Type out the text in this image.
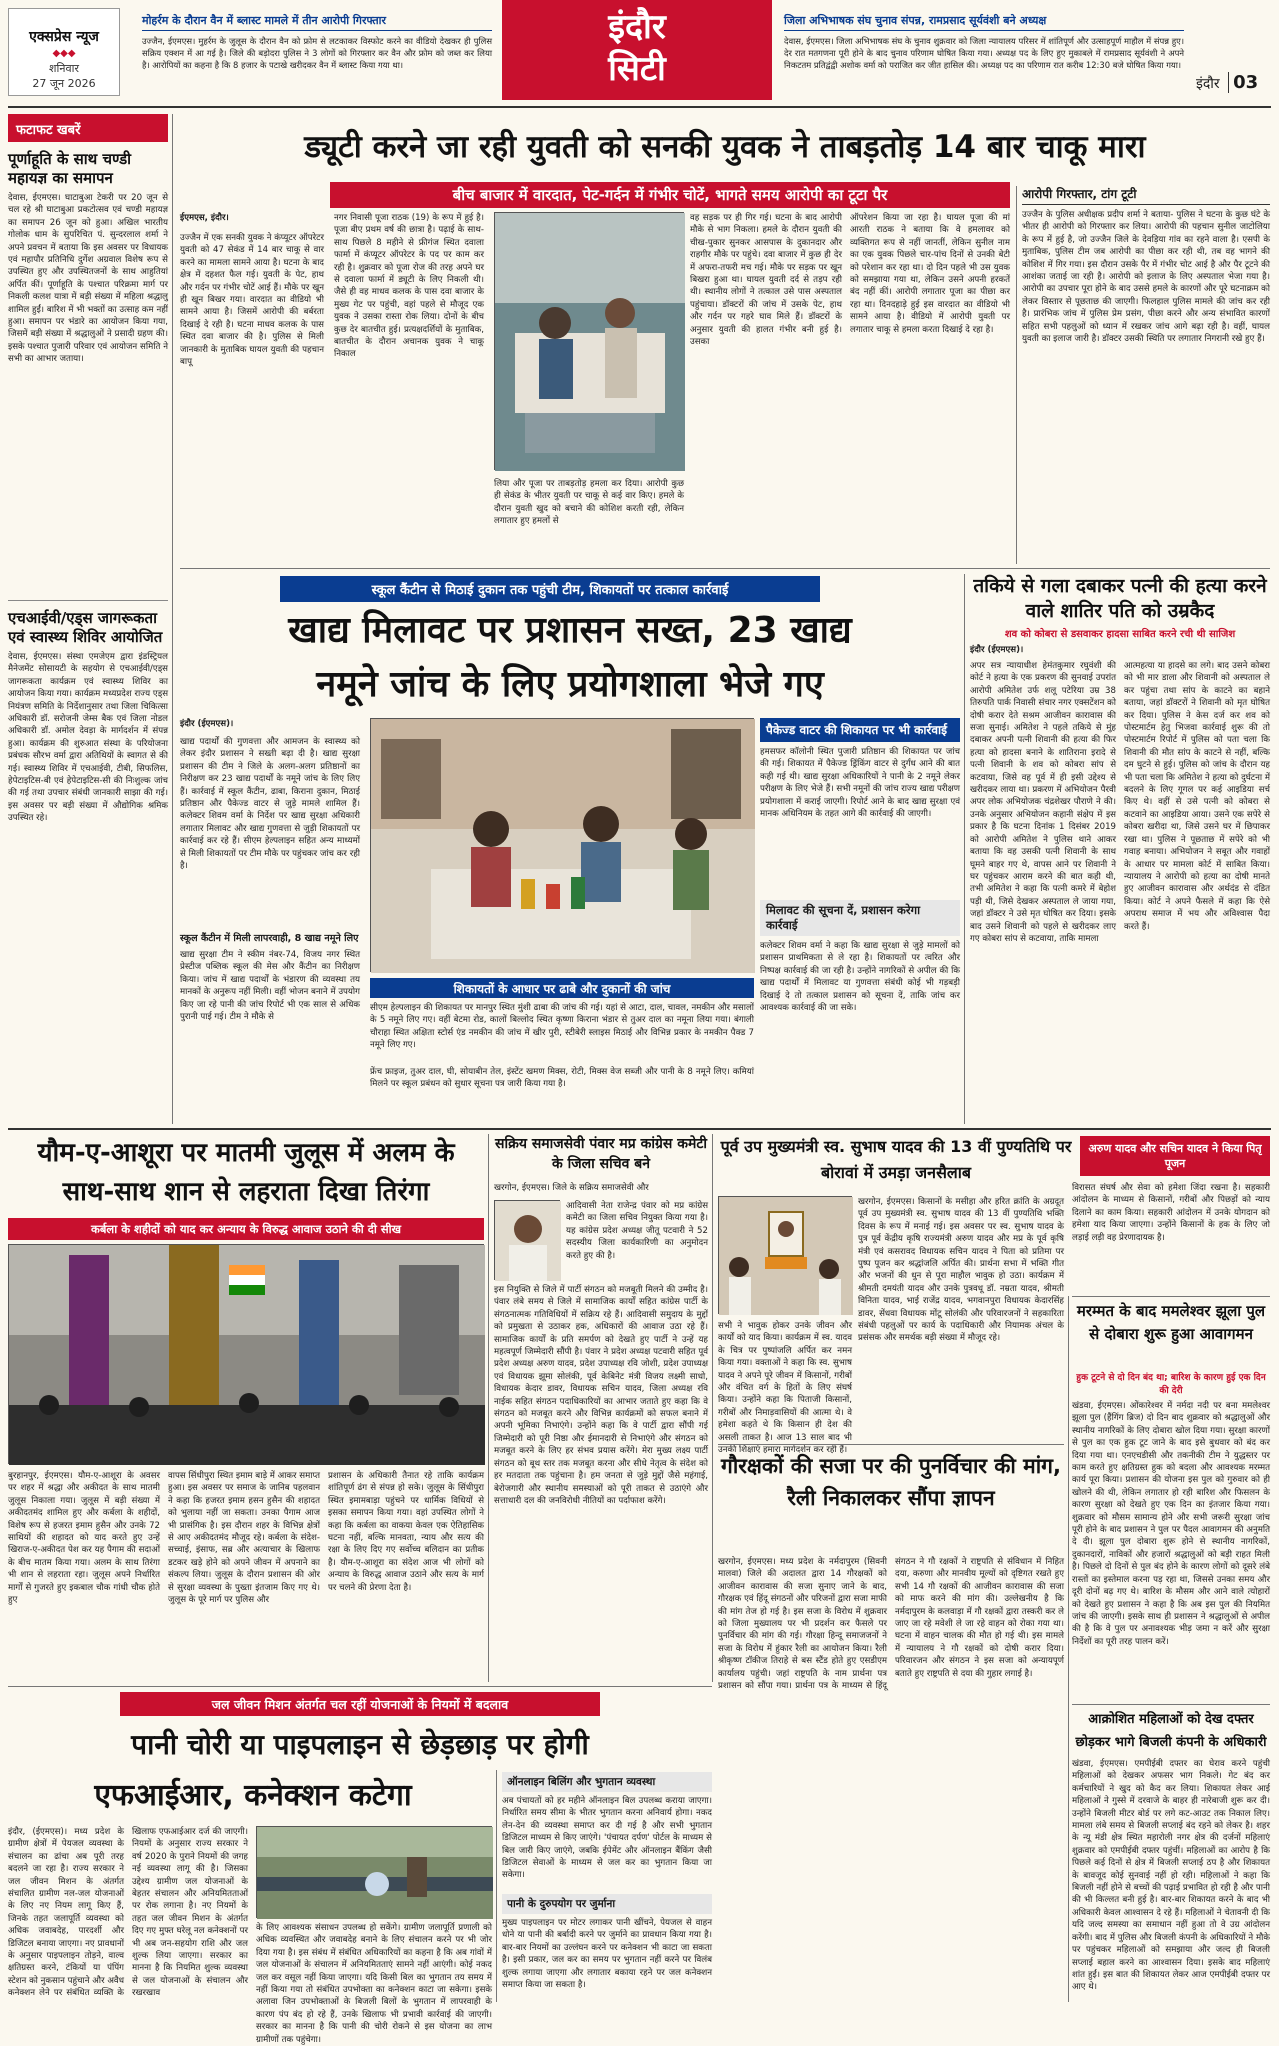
एक्सप्रेस न्यूज
◆◆◆
शनिवार
27 जून 2026
मोहर्रम के दौरान वैन में ब्लास्ट मामले में तीन आरोपी गिरफ्तार
उज्जैन, ईएमएस। मुहर्रम के जुलूस के दौरान वैन को फ्रोम से लटकाकर विस्फोट करने का वीडियो देखकर ही पुलिस सक्रिय एक्शन में आ गई है। जिले की बड़ोदरा पुलिस ने 3 लोगों को गिरफ्तार कर वैन और फ्रोम को जब्त कर लिया है। आरोपियों का कहना है कि 8 हजार के पटाखे खरीदकर वैन में ब्लास्ट किया गया था।
इंदौर
सिटी
जिला अभिभाषक संघ चुनाव संपन्न, रामप्रसाद सूर्यवंशी बने अध्यक्ष
देवास, ईएमएस। जिला अभिभाषक संघ के चुनाव शुक्रवार को जिला न्यायालय परिसर में शांतिपूर्ण और उत्साहपूर्ण माहौल में संपन्न हुए। देर रात मतगणना पूरी होने के बाद चुनाव परिणाम घोषित किया गया। अध्यक्ष पद के लिए हुए मुकाबले में रामप्रसाद सूर्यवंशी ने अपने निकटतम प्रतिद्वंद्वी अशोक वर्मा को पराजित कर जीत हासिल की। अध्यक्ष पद का परिणाम रात करीब 12:30 बजे घोषित किया गया।
इंदौर 03
फटाफट खबरें
पूर्णाहूति के साथ चण्डी महायज्ञ का समापन
देवास, ईएमएस। घाटाबुआ टेकरी पर 20 जून से चल रहे श्री घाटाबुआ प्रकटोत्सव एवं चण्डी महायज्ञ का समापन 26 जून को हुआ। अखिल भारतीय गोलोक धाम के सुपरिचित पं. सुन्दरलाल शर्मा ने अपने प्रवचन में बताया कि इस अवसर पर विधायक एवं महापौर प्रतिनिधि दुर्गेश अग्रवाल विशेष रूप से उपस्थित हुए और उपस्थितजनों के साथ आहुतियां अर्पित कीं। पूर्णाहूति के पश्चात परिक्रमा मार्ग पर निकली कलश यात्रा में बड़ी संख्या में महिला श्रद्धालु शामिल हुईं। बारिश में भी भक्तों का उत्साह कम नहीं हुआ। समापन पर भंडारे का आयोजन किया गया, जिसमें बड़ी संख्या में श्रद्धालुओं ने प्रसादी ग्रहण की। इसके पश्चात पुजारी परिवार एवं आयोजन समिति ने सभी का आभार जताया।
एचआईवी/एड्स जागरूकता एवं स्वास्थ्य शिविर आयोजित
देवास, ईएमएस। संस्था एमजेएम द्वारा इंडस्ट्रियल मैनेजमेंट सोसायटी के सहयोग से एचआईवी/एड्स जागरूकता कार्यक्रम एवं स्वास्थ्य शिविर का आयोजन किया गया। कार्यक्रम मध्यप्रदेश राज्य एड्स नियंत्रण समिति के निर्देशानुसार तथा जिला चिकित्सा अधिकारी डॉ. सरोजनी जेम्स बैक एवं जिला नोडल अधिकारी डॉ. अमोल देवड़ा के मार्गदर्शन में संपन्न हुआ। कार्यक्रम की शुरुआत संस्था के परियोजना प्रबंधक सौरभ वर्मा द्वारा अतिथियों के स्वागत से की गई। स्वास्थ्य शिविर में एचआईवी, टीबी, सिफलिस, हेपेटाइटिस-बी एवं हेपेटाइटिस-सी की निःशुल्क जांच की गई तथा उपचार संबंधी जानकारी साझा की गई। इस अवसर पर बड़ी संख्या में औद्योगिक श्रमिक उपस्थित रहे।
ड्यूटी करने जा रही युवती को सनकी युवक ने ताबड़तोड़ 14 बार चाकू मारा
बीच बाजार में वारदात, पेट-गर्दन में गंभीर चोटें, भागते समय आरोपी का टूटा पैर
ईएमएस, इंदौर।
उज्जैन में एक सनकी युवक ने कंप्यूटर ऑपरेटर युवती को 47 सेकंड में 14 बार चाकू से वार करने का मामला सामने आया है। घटना के बाद क्षेत्र में दहशत फैल गई। युवती के पेट, हाथ और गर्दन पर गंभीर चोटें आई हैं। मौके पर खून ही खून बिखर गया। वारदात का वीडियो भी सामने आया है। जिसमें आरोपी की बर्बरता दिखाई दे रही है। घटना माधव कलक के पास स्थित दवा बाजार की है। पुलिस से मिली जानकारी के मुताबिक घायल युवती की पहचान बापू
नगर निवासी पूजा राठक (19) के रूप में हुई है। पूजा बीए प्रथम वर्ष की छात्रा है। पढ़ाई के साथ-साथ पिछले 8 महीने से फ्रीगंज स्थित दवाला फार्मा में कंप्यूटर ऑपरेटर के पद पर काम कर रही है। शुक्रवार को पूजा रोज की तरह अपने घर से दवाला फार्मा में ड्यूटी के लिए निकली थी। जैसे ही वह माधव कलक के पास दवा बाजार के मुख्य गेट पर पहुंची, वहां पहले से मौजूद एक युवक ने उसका रास्ता रोक लिया। दोनों के बीच कुछ देर बातचीत हुई। प्रत्यक्षदर्शियों के मुताबिक, बातचीत के दौरान अचानक युवक ने चाकू निकाल
लिया और पूजा पर ताबड़तोड़ हमला कर दिया। आरोपी कुछ ही सेकंड के भीतर युवती पर चाकू से कई वार किए। हमले के दौरान युवती खुद को बचाने की कोशिश करती रही, लेकिन लगातार हुए हमलों से
वह सड़क पर ही गिर गई। घटना के बाद आरोपी मौके से भाग निकला। हमले के दौरान युवती की चीख-पुकार सुनकर आसपास के दुकानदार और राहगीर मौके पर पहुंचे। दवा बाजार में कुछ ही देर में अफरा-तफरी मच गई। मौके पर सड़क पर खून बिखरा हुआ था। घायल युवती दर्द से तड़प रही थी। स्थानीय लोगों ने तत्काल उसे पास अस्पताल पहुंचाया। डॉक्टरों की जांच में उसके पेट, हाथ और गर्दन पर गहरे घाव मिले हैं। डॉक्टरों के अनुसार युवती की हालत गंभीर बनी हुई है। उसका
ऑपरेशन किया जा रहा है। घायल पूजा की मां आरती राठक ने बताया कि वे हमलावर को व्यक्तिगत रूप से नहीं जानतीं, लेकिन सुनील नाम का एक युवक पिछले चार-पांच दिनों से उनकी बेटी को परेशान कर रहा था। दो दिन पहले भी उस युवक को समझाया गया था, लेकिन उसने अपनी हरकतें बंद नहीं कीं। आरोपी लगातार पूजा का पीछा कर रहा था। दिनदहाड़े हुई इस वारदात का वीडियो भी सामने आया है। वीडियो में आरोपी युवती पर लगातार चाकू से हमला करता दिखाई दे रहा है।
आरोपी गिरफ्तार, टांग टूटी
उज्जैन के पुलिस अधीक्षक प्रदीप शर्मा ने बताया- पुलिस ने घटना के कुछ घंटे के भीतर ही आरोपी को गिरफ्तार कर लिया। आरोपी की पहचान सुनील जाटोलिया के रूप में हुई है, जो उज्जैन जिले के देवड़िया गांव का रहने वाला है। एसपी के मुताबिक, पुलिस टीम जब आरोपी का पीछा कर रही थी, तब वह भागने की कोशिश में गिर गया। इस दौरान उसके पैर में गंभीर चोट आई है और पैर टूटने की आशंका जताई जा रही है। आरोपी को इलाज के लिए अस्पताल भेजा गया है। आरोपी का उपचार पूरा होने के बाद उससे हमले के कारणों और पूरे घटनाक्रम को लेकर विस्तार से पूछताछ की जाएगी। फिलहाल पुलिस मामले की जांच कर रही है। प्रारंभिक जांच में पुलिस प्रेम प्रसंग, पीछा करने और अन्य संभावित कारणों सहित सभी पहलुओं को ध्यान में रखकर जांच आगे बढ़ा रही है। वहीं, घायल युवती का इलाज जारी है। डॉक्टर उसकी स्थिति पर लगातार निगरानी रखे हुए हैं।
स्कूल कैंटीन से मिठाई दुकान तक पहुंची टीम, शिकायतों पर तत्काल कार्रवाई
खाद्य मिलावट पर प्रशासन सख्त, 23 खाद्य
नमूने जांच के लिए प्रयोगशाला भेजे गए
इंदौर (ईएमएस)।
खाद्य पदार्थों की गुणवत्ता और आमजन के स्वास्थ्य को लेकर इंदौर प्रशासन ने सख्ती बढ़ा दी है। खाद्य सुरक्षा प्रशासन की टीम ने जिले के अलग-अलग प्रतिष्ठानों का निरीक्षण कर 23 खाद्य पदार्थों के नमूने जांच के लिए लिए हैं। कार्रवाई में स्कूल कैंटीन, ढाबा, किराना दुकान, मिठाई प्रतिष्ठान और पैकेज्ड वाटर से जुड़े मामले शामिल हैं। कलेक्टर शिवम वर्मा के निर्देश पर खाद्य सुरक्षा अधिकारी लगातार मिलावट और खाद्य गुणवत्ता से जुड़ी शिकायतों पर कार्रवाई कर रहे हैं। सीएम हेल्पलाइन सहित अन्य माध्यमों से मिली शिकायतों पर टीम मौके पर पहुंचकर जांच कर रही है।
स्कूल कैंटीन में मिली लापरवाही, 8 खाद्य नमूने लिए
खाद्य सुरक्षा टीम ने स्कीम नंबर-74, विजय नगर स्थित प्रेस्टीज पब्लिक स्कूल की मेस और कैंटीन का निरीक्षण किया। जांच में खाद्य पदार्थों के भंडारण की व्यवस्था तय मानकों के अनुरूप नहीं मिली। वहीं भोजन बनाने में उपयोग किए जा रहे पानी की जांच रिपोर्ट भी एक साल से अधिक पुरानी पाई गई। टीम ने मौके से
पैकेज्ड वाटर की शिकायत पर भी कार्रवाई
हमसफर कॉलोनी स्थित पुजारी प्रतिष्ठान की शिकायत पर जांच की गई। शिकायत में पैकेज्ड ड्रिंकिंग वाटर से दुर्गंध आने की बात कही गई थी। खाद्य सुरक्षा अधिकारियों ने पानी के 2 नमूने लेकर परीक्षण के लिए भेजे हैं। सभी नमूनों की जांच राज्य खाद्य परीक्षण प्रयोगशाला में कराई जाएगी। रिपोर्ट आने के बाद खाद्य सुरक्षा एवं मानक अधिनियम के तहत आगे की कार्रवाई की जाएगी।
मिलावट की सूचना दें, प्रशासन करेगा कार्रवाई
कलेक्टर शिवम वर्मा ने कहा कि खाद्य सुरक्षा से जुड़े मामलों को प्रशासन प्राथमिकता से ले रहा है। शिकायतों पर त्वरित और निष्पक्ष कार्रवाई की जा रही है। उन्होंने नागरिकों से अपील की कि खाद्य पदार्थों में मिलावट या गुणवत्ता संबंधी कोई भी गड़बड़ी दिखाई दे तो तत्काल प्रशासन को सूचना दें, ताकि जांच कर आवश्यक कार्रवाई की जा सके।
शिकायतों के आधार पर ढाबे और दुकानों की जांच
सीएम हेल्पलाइन की शिकायत पर मानपुर स्थित मुंशी ढाबा की जांच की गई। यहां से आटा, दाल, चावल, नमकीन और मसालों के 5 नमूने लिए गए। वहीं बेटमा रोड, कालों बिल्लोद स्थित कृष्णा किराना भंडार से तुअर दाल का नमूना लिया गया। बंगाली चौराहा स्थित अक्षिता स्टोर्स एंड नमकीन की जांच में खीर पुरी, स्टीबेरी स्लाइस मिठाई और विभिन्न प्रकार के नमकीन पैक्ड 7 नमूने लिए गए।
फ्रेंच फ्राइज, तुअर दाल, घी, सोयाबीन तेल, इंस्टेंट खमण मिक्स, रोटी, मिक्स वेज सब्जी और पानी के 8 नमूने लिए। कमियां मिलने पर स्कूल प्रबंधन को सुधार सूचना पत्र जारी किया गया है।
तकिये से गला दबाकर पत्नी की हत्या करने वाले शातिर पति को उम्रकैद
शव को कोबरा से डसवाकर हादसा साबित करने रची थी साजिश
इंदौर (ईएमएस)।
अपर सत्र न्यायाधीश हेमंतकुमार रघुवंशी की कोर्ट ने हत्या के एक प्रकरण की सुनवाई उपरांत आरोपी अमितेश उर्फ शलू पटेरिया उम्र 38 तिरुपति पार्क निवासी संचार नगर एक्सटेंशन को दोषी करार देते सश्रम आजीवन कारावास की सजा सुनाई। अमितेश ने पहले तकिये से मुंह दबाकर अपनी पत्नी शिवानी की हत्या की फिर हत्या को हादसा बनाने के शातिराना इरादे से पत्नी शिवानी के शव को कोबरा सांप से कटवाया, जिसे वह पूर्व में ही इसी उद्देश्य से खरीदकर लाया था। प्रकरण में अभियोजन पैरवी अपर लोक अभियोजक चंद्रशेखर पौराणे ने की। उनके अनुसार अभियोजन कहानी संक्षेप में इस प्रकार है कि घटना दिनांक 1 दिसंबर 2019 को आरोपी अमितेश ने पुलिस थाने आकर बताया कि वह उसकी पत्नी शिवानी के साथ घूमने बाहर गए थे, वापस आने पर शिवानी ने घर पहुंचकर आराम करने की बात कही थी, तभी अमितेश ने कहा कि पत्नी कमरे में बेहोश पड़ी थी, जिसे देखकर अस्पताल ले जाया गया, जहां डॉक्टर ने उसे मृत घोषित कर दिया। इसके बाद उसने शिवानी को पहले से खरीदकर लाए गए कोबरा सांप से कटवाया, ताकि मामला
आत्महत्या या हादसे का लगे। बाद उसने कोबरा को भी मार डाला और शिवानी को अस्पताल ले कर पहुंचा तथा सांप के काटने का बहाने बताया, जहां डॉक्टरों ने शिवानी को मृत घोषित कर दिया। पुलिस ने केस दर्ज कर शव को पोस्टमार्टम हेतु भिजवा कार्रवाई शुरू की तो पोस्टमार्टम रिपोर्ट में पुलिस को पता चला कि शिवानी की मौत सांप के काटने से नहीं, बल्कि दम घुटने से हुई। पुलिस को जांच के दौरान यह भी पता चला कि अमितेश ने हत्या को दुर्घटना में बदलने के लिए गूगल पर कई आइडिया सर्च किए थे। वहीं से उसे पत्नी को कोबरा से कटवाने का आइडिया आया। उसने एक सपेरे से कोबरा खरीदा था, जिसे उसने घर में छिपाकर रखा था। पुलिस ने पूछताछ में सपेरे को भी गवाह बनाया। अभियोजन ने सबूत और गवाहों के आधार पर मामला कोर्ट में साबित किया। न्यायालय ने आरोपी को हत्या का दोषी मानते हुए आजीवन कारावास और अर्थदंड से दंडित किया। कोर्ट ने अपने फैसले में कहा कि ऐसे अपराध समाज में भय और अविश्वास पैदा करते हैं।
यौम-ए-आशूरा पर मातमी जुलूस में अलम के साथ-साथ शान से लहराता दिखा तिरंगा
कर्बला के शहीदों को याद कर अन्याय के विरुद्ध आवाज उठाने की दी सीख
बुरहानपुर, ईएमएस। यौम-ए-आशूरा के अवसर पर शहर में श्रद्धा और अकीदत के साथ मातमी जुलूस निकाला गया। जुलूस में बड़ी संख्या में अकीदतमंद शामिल हुए और कर्बला के शहीदों, विशेष रूप से हजरत इमाम हुसैन और उनके 72 साथियों की शहादत को याद करते हुए उन्हें खिराज-ए-अकीदत पेश कर यह पैगाम की सदाओं के बीच मातम किया गया। अलम के साथ तिरंगा भी शान से लहराता रहा। जुलूस अपने निर्धारित मार्गों से गुजरते हुए इकबाल चौक गांधी चौक होते हुए
वापस सिंधीपुरा स्थित इमाम बाड़े में आकर समाप्त हुआ। इस अवसर पर समाज के जानिब पहलवान ने कहा कि हजरत इमाम हसन हुसैन की शहादत को भुलाया नहीं जा सकता। उनका पैगाम आज भी प्रासंगिक है। इस दौरान शहर के विभिन्न क्षेत्रों से आए अकीदतमंद मौजूद रहे। कर्बला के संदेश-सच्चाई, इंसाफ, सब्र और अत्याचार के खिलाफ डटकर खड़े होने को अपने जीवन में अपनाने का संकल्प लिया। जुलूस के दौरान प्रशासन की ओर से सुरक्षा व्यवस्था के पुख्ता इंतजाम किए गए थे। जुलूस के पूरे मार्ग पर पुलिस और
प्रशासन के अधिकारी तैनात रहे ताकि कार्यक्रम शांतिपूर्ण ढंग से संपन्न हो सके। जुलूस के सिंधीपुरा स्थित इमामबाड़ा पहुंचने पर धार्मिक विधियों से इसका समापन किया गया। वहां उपस्थित लोगों ने कहा कि कर्बला का वाकया केवल एक ऐतिहासिक घटना नहीं, बल्कि मानवता, न्याय और सत्य की रक्षा के लिए दिए गए सर्वोच्च बलिदान का प्रतीक है। यौम-ए-आशूरा का संदेश आज भी लोगों को अन्याय के विरुद्ध आवाज उठाने और सत्य के मार्ग पर चलने की प्रेरणा देता है।
सक्रिय समाजसेवी पंवार मप्र कांग्रेस कमेटी के जिला सचिव बने
खरगोन, ईएमएस। जिले के सक्रिय समाजसेवी और
आदिवासी नेता राजेन्द्र पंवार को मप्र कांग्रेस कमेटी का जिला सचिव नियुक्त किया गया है। यह कांग्रेस प्रदेश अध्यक्ष जीतू पटवारी ने 52 सदस्यीय जिला कार्यकारिणी का अनुमोदन करते हुए की है।
इस नियुक्ति से जिले में पार्टी संगठन को मजबूती मिलने की उम्मीद है। पंवार लंबे समय से जिले में सामाजिक कार्यों सहित कांग्रेस पार्टी के संगठनात्मक गतिविधियों में सक्रिय रहे हैं। आदिवासी समुदाय के मुद्दों को प्रमुखता से उठाकर हक, अधिकारों की आवाज उठा रहे हैं। सामाजिक कार्यों के प्रति समर्पण को देखते हुए पार्टी ने उन्हें यह महत्वपूर्ण जिम्मेदारी सौंपी है। पंवार ने प्रदेश अध्यक्ष पटवारी सहित पूर्व प्रदेश अध्यक्ष अरुण यादव, प्रदेश उपाध्यक्ष रवि जोशी, प्रदेश उपाध्यक्ष एवं विधायक झूमा सोलंकी, पूर्व केबिनेट मंत्री विजय लक्ष्मी साधो, विधायक केदार डावर, विधायक सचिन यादव, जिला अध्यक्ष रवि नाईक सहित संगठन पदाधिकारियों का आभार जताते हुए कहा कि वे संगठन को मजबूत करने और विभिन्न कार्यक्रमों को सफल बनाने में अपनी भूमिका निभाएंगे। उन्होंने कहा कि वे पार्टी द्वारा सौंपी गई जिम्मेदारी को पूरी निष्ठा और ईमानदारी से निभाएंगे और संगठन को मजबूत करने के लिए हर संभव प्रयास करेंगे। मेरा मुख्य लक्ष्य पार्टी संगठन को बूथ स्तर तक मजबूत करना और सीधे नेतृत्व के संदेश को हर मतदाता तक पहुंचाना है। हम जनता से जुड़े मुद्दों जैसे महंगाई, बेरोजगारी और स्थानीय समस्याओं को पूरी ताकत से उठाएंगे और सत्ताधारी दल की जनविरोधी नीतियों का पर्दाफाश करेंगे।
पूर्व उप मुख्यमंत्री स्व. सुभाष यादव की 13 वीं पुण्यतिथि पर बोरावां में उमड़ा जनसैलाब
अरुण यादव और सचिन यादव ने किया पितृ पूजन
खरगोन, ईएमएस। किसानों के मसीहा और हरित क्रांति के अग्रदूत पूर्व उप मुख्यमंत्री स्व. सुभाष यादव की 13 वीं पुण्यतिथि भक्ति दिवस के रूप में मनाई गई। इस अवसर पर स्व. सुभाष यादव के पुत्र पूर्व केंद्रीय कृषि राज्यमंत्री अरुण यादव और मप्र के पूर्व कृषि मंत्री एवं कसरावद विधायक सचिन यादव ने पिता को प्रतिमा पर पुष्प पूजन कर श्रद्धांजलि अर्पित की। प्रार्थना सभा में भक्ति गीत और भजनों की धुन से पूरा माहौल भावुक हो उठा। कार्यक्रम में श्रीमती दमयंती यादव और उनके पुत्रवधू डॉ. नम्रता यादव, श्रीमती विनिता यादव, भाई राजेंद्र यादव, भगवानपुरा विधायक केदारसिंह डावर, सेंधवा विधायक मोंटू सोलंकी और परिवारजनों ने सहकारिता संबंधी पहलुओं पर कार्य के पदाधिकारी और नियामक अंचल के प्रसंसक और समर्थक बड़ी संख्या में मौजूद रहे।
सभी ने भावुक होकर उनके जीवन और कार्यों को याद किया। कार्यक्रम में स्व. यादव के चित्र पर पुष्पांजलि अर्पित कर नमन किया गया। वक्ताओं ने कहा कि स्व. सुभाष यादव ने अपने पूरे जीवन में किसानों, गरीबों और वंचित वर्ग के हितों के लिए संघर्ष किया। उन्होंने कहा कि पिताजी किसानों, गरीबों और निमाड़वासियों की आत्मा थे। वे हमेशा कहते थे कि किसान ही देश की असली ताकत है। आज 13 साल बाद भी उनकी शिक्षाएं हमारा मार्गदर्शन कर रही हैं।
विरासत संघर्ष और सेवा को हमेशा जिंदा रखना है। सहकारी आंदोलन के माध्यम से किसानों, गरीबों और पिछड़ों को न्याय दिलाने का काम किया। सहकारी आंदोलन में उनके योगदान को हमेशा याद किया जाएगा। उन्होंने किसानों के हक के लिए जो लड़ाई लड़ी वह प्रेरणादायक है।
गौरक्षकों की सजा पर की पुनर्विचार की मांग, रैली निकालकर सौंपा ज्ञापन
खरगोन, ईएमएस। मध्य प्रदेश के नर्मदापुरम (सिवनी मालवा) जिले की अदालत द्वारा 14 गौरक्षकों को आजीवन कारावास की सजा सुनाए जाने के बाद, गौरक्षक एवं हिंदू संगठनों और परिजनों द्वारा सजा माफी की मांग तेज हो गई है। इस सजा के विरोध में शुक्रवार को जिला मुख्यालय पर भी प्रदर्शन कर फैसले पर पुनर्विचार की मांग की गई। गौरक्षा हिन्दू समाजजनों ने सजा के विरोध में हुंकार रैली का आयोजन किया। रैली श्रीकृष्ण टॉकीज तिराहे से बस स्टैंड होते हुए एसडीएम कार्यालय पहुंची। जहां राष्ट्रपति के नाम प्रार्थना पत्र प्रशासन को सौंपा गया। प्रार्थना पत्र के माध्यम से हिंदू संगठन ने गौ रक्षकों ने राष्ट्रपति से संविधान में निहित दया, करुणा और मानवीय मूल्यों को दृष्टिगत रखते हुए सभी 14 गौ रक्षकों की आजीवन कारावास की सजा को माफ करने की मांग की। उल्लेखनीय है कि नर्मदापुरम के कलवाड़ा में गौ रक्षकों द्वारा तस्करी कर ले जाए जा रहे मवेशी ले जा रहे वाहन को रोका गया था। घटना में वाहन चालक की मौत हो गई थी। इस मामले में न्यायालय ने गौ रक्षकों को दोषी करार दिया। परिवारजन और संगठन ने इस सजा को अन्यायपूर्ण बताते हुए राष्ट्रपति से दया की गुहार लगाई है।
मरम्मत के बाद ममलेश्वर झूला पुल से दोबारा शुरू हुआ आवागमन
हुक टूटने से दो दिन बंद था; बारिश के कारण हुई एक दिन की देरी
खंडवा, ईएमएस। ओंकारेश्वर में नर्मदा नदी पर बना ममलेश्वर झूला पुल (हैंगिंग ब्रिज) दो दिन बाद शुक्रवार को श्रद्धालुओं और स्थानीय नागरिकों के लिए दोबारा खोल दिया गया। सुरक्षा कारणों से पुल का एक हुक टूट जाने के बाद इसे बुधवार को बंद कर दिया गया था। एनएचडीसी और तकनीकी टीम ने युद्धस्तर पर काम करते हुए क्षतिग्रस्त हुक को बदला और आवश्यक मरम्मत कार्य पूरा किया। प्रशासन की योजना इस पुल को गुरुवार को ही खोलने की थी, लेकिन लगातार हो रही बारिश और फिसलन के कारण सुरक्षा को देखते हुए एक दिन का इंतजार किया गया। शुक्रवार को मौसम सामान्य होने और सभी जरूरी सुरक्षा जांच पूरी होने के बाद प्रशासन ने पुल पर पैदल आवागमन की अनुमति दे दी। झूला पुल दोबारा शुरू होने से स्थानीय नागरिकों, दुकानदारों, नाविकों और हजारों श्रद्धालुओं को बड़ी राहत मिली है। पिछले दो दिनों से पुल बंद होने के कारण लोगों को दूसरे लंबे रास्तों का इस्तेमाल करना पड़ रहा था, जिससे उनका समय और दूरी दोनों बढ़ गए थे। बारिश के मौसम और आने वाले त्योहारों को देखते हुए प्रशासन ने कहा है कि अब इस पुल की नियमित जांच की जाएगी। इसके साथ ही प्रशासन ने श्रद्धालुओं से अपील की है कि वे पुल पर अनावश्यक भीड़ जमा न करें और सुरक्षा निर्देशों का पूरी तरह पालन करें।
आक्रोशित महिलाओं को देख दफ्तर छोड़कर भागे बिजली कंपनी के अधिकारी
खंडवा, ईएमएस। एमपीईबी दफ्तर का घेराव करने पहुंची महिलाओं को देखकर अफसर भाग निकले। गेट बंद कर कर्मचारियों ने खुद को कैद कर लिया। शिकायत लेकर आई महिलाओं ने गुस्से में दरवाजे के बाहर ही नारेबाजी शुरू कर दी। उन्होंने बिजली मीटर बोर्ड पर लगे कट-आउट तक निकाल लिए। मामला लंबे समय से बिजली सप्लाई बंद रहने को लेकर है। शहर के न्यू मंडी क्षेत्र स्थित महारोली नगर क्षेत्र की दर्जनों महिलाएं शुक्रवार को एमपीईबी दफ्तर पहुंचीं। महिलाओं का आरोप है कि पिछले कई दिनों से क्षेत्र में बिजली सप्लाई ठप है और शिकायत के बावजूद कोई सुनवाई नहीं हो रही। महिलाओं ने कहा कि बिजली नहीं होने से बच्चों की पढ़ाई प्रभावित हो रही है और पानी की भी किल्लत बनी हुई है। बार-बार शिकायत करने के बाद भी अधिकारी केवल आश्वासन दे रहे हैं। महिलाओं ने चेतावनी दी कि यदि जल्द समस्या का समाधान नहीं हुआ तो वे उग्र आंदोलन करेंगी। बाद में पुलिस और बिजली कंपनी के अधिकारियों ने मौके पर पहुंचकर महिलाओं को समझाया और जल्द ही बिजली सप्लाई बहाल करने का आश्वासन दिया। इसके बाद महिलाएं शांत हुईं। इस बात की शिकायत लेकर आज एमपीईबी दफ्तर पर आए थे।
जल जीवन मिशन अंतर्गत चल रहीं योजनाओं के नियमों में बदलाव
पानी चोरी या पाइपलाइन से छेड़छाड़ पर होगी
एफआईआर, कनेक्शन कटेगा
इंदौर, (ईएमएस)। मध्य प्रदेश के ग्रामीण क्षेत्रों में पेयजल व्यवस्था के संचालन का ढांचा अब पूरी तरह बदलने जा रहा है। राज्य सरकार ने जल जीवन मिशन के अंतर्गत संचालित ग्रामीण नल-जल योजनाओं के लिए नए नियम लागू किए हैं, जिनके तहत जलापूर्ति व्यवस्था को अधिक जवाबदेह, पारदर्शी और डिजिटल बनाया जाएगा। नए प्रावधानों के अनुसार पाइपलाइन तोड़ने, वाल्व क्षतिग्रस्त करने, टंकियों या पंपिंग स्टेशन को नुकसान पहुंचाने और अवैध कनेक्शन लेने पर संबंधित व्यक्ति के खिलाफ एफआईआर दर्ज की जाएगी। नियमों के अनुसार राज्य सरकार ने वर्ष 2020 के पुराने नियमों की जगह नई व्यवस्था लागू की है। जिसका उद्देश्य ग्रामीण जल योजनाओं के बेहतर संचालन और अनियमितताओं पर रोक लगाना है। नए नियमों के तहत जल जीवन मिशन के अंतर्गत दिए गए मुफ्त घरेलू नल कनेक्शनों पर भी अब जन-सहयोग राशि और जल शुल्क लिया जाएगा। सरकार का मानना है कि नियमित शुल्क व्यवस्था से जल योजनाओं के संचालन और रखरखाव
के लिए आवश्यक संसाधन उपलब्ध हो सकेंगे। ग्रामीण जलापूर्ति प्रणाली को अधिक व्यवस्थित और जवाबदेह बनाने के लिए संचालन करने पर भी जोर दिया गया है। इस संबंध में संबंधित अधिकारियों का कहना है कि अब गांवों में जल योजनाओं के संचालन में अनियमितताएं सामने नहीं आएंगी। कोई नकद जल कर वसूल नहीं किया जाएगा। यदि किसी बिल का भुगतान तय समय में नहीं किया गया तो संबंधित उपभोक्ता का कनेक्शन काटा जा सकेगा। इसके अलावा जिन उपभोक्ताओं के बिजली बिलों के भुगतान में लापरवाही के कारण पंप बंद हो रहे हैं, उनके खिलाफ भी प्रभावी कार्रवाई की जाएगी। सरकार का मानना है कि पानी की चोरी रोकने से इस योजना का लाभ ग्रामीणों तक पहुंचेगा।
ऑनलाइन बिलिंग और भुगतान व्यवस्था
अब पंचायतों को हर महीने ऑनलाइन बिल उपलब्ध कराया जाएगा। निर्धारित समय सीमा के भीतर भुगतान करना अनिवार्य होगा। नकद लेन-देन की व्यवस्था समाप्त कर दी गई है और सभी भुगतान डिजिटल माध्यम से किए जाएंगे। 'पंचायत दर्पण' पोर्टल के माध्यम से बिल जारी किए जाएंगे, जबकि ईपेमेंट और ऑनलाइन बैंकिंग जैसी डिजिटल सेवाओं के माध्यम से जल कर का भुगतान किया जा सकेगा।
पानी के दुरुपयोग पर जुर्माना
मुख्य पाइपलाइन पर मोटर लगाकर पानी खींचने, पेयजल से वाहन धोने या पानी की बर्बादी करने पर जुर्माने का प्रावधान किया गया है। बार-बार नियमों का उल्लंघन करने पर कनेक्शन भी काटा जा सकता है। इसी प्रकार, जल कर का समय पर भुगतान नहीं करने पर विलंब शुल्क लगाया जाएगा और लगातार बकाया रहने पर जल कनेक्शन समाप्त किया जा सकता है।
